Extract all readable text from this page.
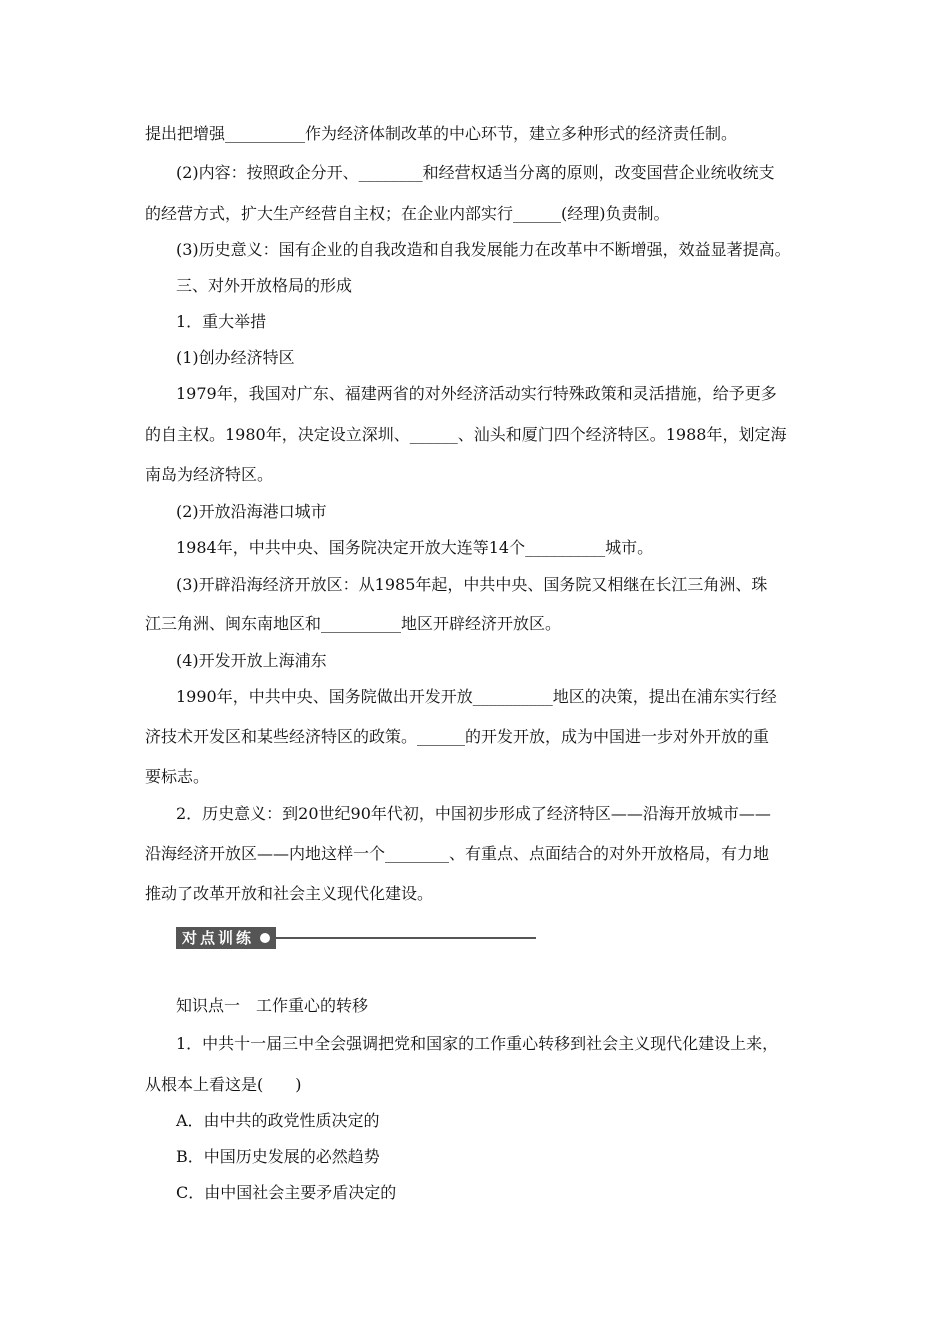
提出把增强__________作为经济体制改革的中心环节，建立多种形式的经济责任制。
(2)内容：按照政企分开、________和经营权适当分离的原则，改变国营企业统收统支
的经营方式，扩大生产经营自主权；在企业内部实行______(经理)负责制。
(3)历史意义：国有企业的自我改造和自我发展能力在改革中不断增强，效益显著提高。
三、对外开放格局的形成
1．重大举措
(1)创办经济特区
1979年，我国对广东、福建两省的对外经济活动实行特殊政策和灵活措施，给予更多
的自主权。1980年，决定设立深圳、______、汕头和厦门四个经济特区。1988年，划定海
南岛为经济特区。
(2)开放沿海港口城市
1984年，中共中央、国务院决定开放大连等14个__________城市。
(3)开辟沿海经济开放区：从1985年起，中共中央、国务院又相继在长江三角洲、珠
江三角洲、闽东南地区和__________地区开辟经济开放区。
(4)开发开放上海浦东
1990年，中共中央、国务院做出开发开放__________地区的决策，提出在浦东实行经
济技术开发区和某些经济特区的政策。______的开发开放，成为中国进一步对外开放的重
要标志。
2．历史意义：到20世纪90年代初，中国初步形成了经济特区——沿海开放城市——
沿海经济开放区——内地这样一个________、有重点、点面结合的对外开放格局，有力地
推动了改革开放和社会主义现代化建设。
对点训练
知识点一　工作重心的转移
1．中共十一届三中全会强调把党和国家的工作重心转移到社会主义现代化建设上来，
从根本上看这是(　　)
A．由中共的政党性质决定的
B．中国历史发展的必然趋势
C．由中国社会主要矛盾决定的
